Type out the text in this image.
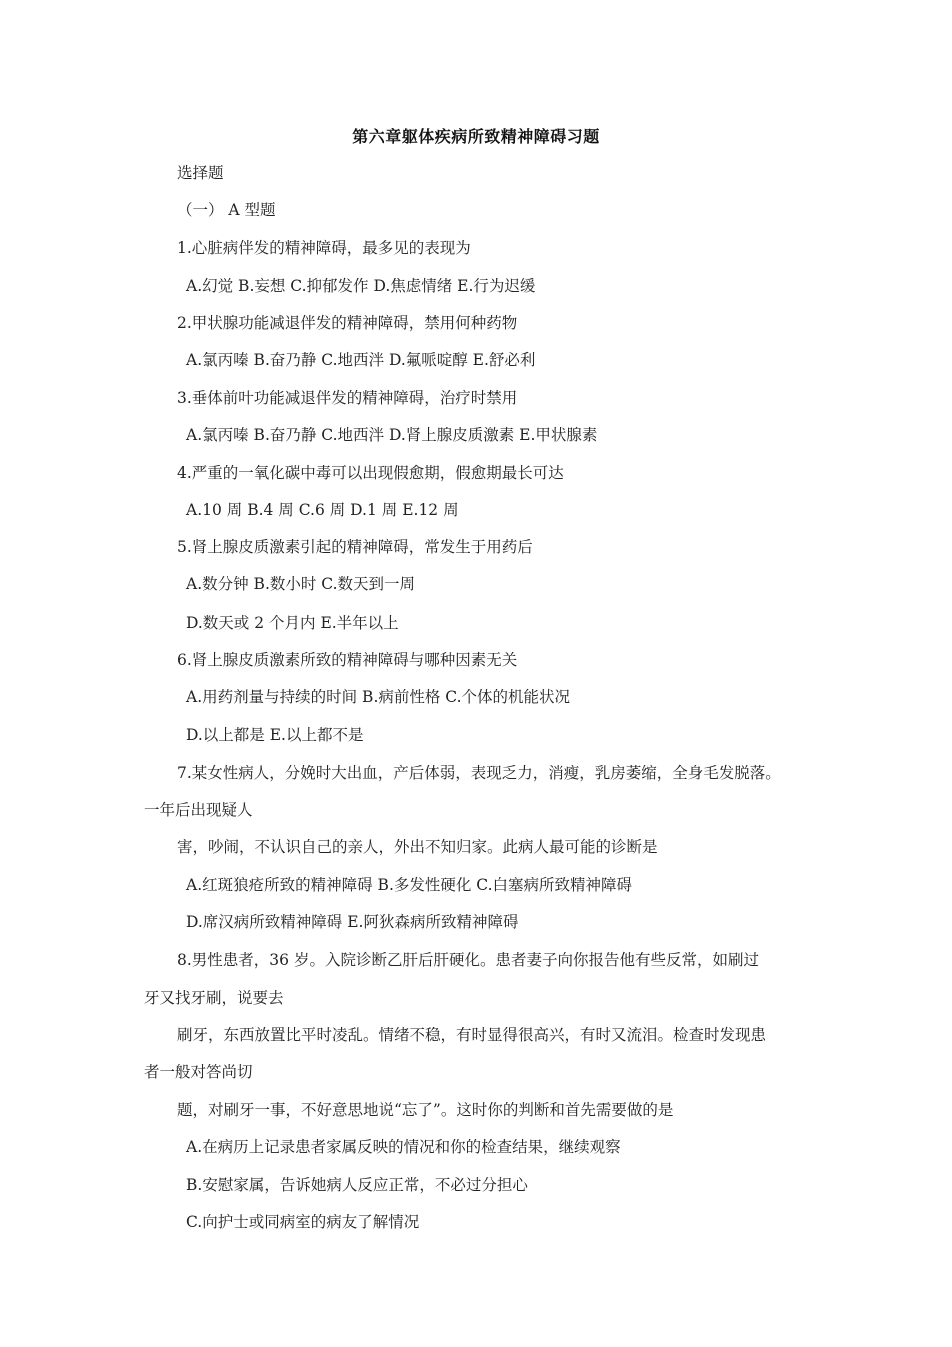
第六章躯体疾病所致精神障碍习题
选择题
（一） A 型题
1.心脏病伴发的精神障碍，最多见的表现为
A.幻觉 B.妄想 C.抑郁发作 D.焦虑情绪 E.行为迟缓
2.甲状腺功能减退伴发的精神障碍，禁用何种药物
A.氯丙嗪 B.奋乃静 C.地西泮 D.氟哌啶醇 E.舒必利
3.垂体前叶功能减退伴发的精神障碍，治疗时禁用
A.氯丙嗪 B.奋乃静 C.地西泮 D.肾上腺皮质激素 E.甲状腺素
4.严重的一氧化碳中毒可以出现假愈期，假愈期最长可达
A.10 周 B.4 周 C.6 周 D.1 周 E.12 周
5.肾上腺皮质激素引起的精神障碍，常发生于用药后
A.数分钟 B.数小时 C.数天到一周
D.数天或 2 个月内 E.半年以上
6.肾上腺皮质激素所致的精神障碍与哪种因素无关
A.用药剂量与持续的时间 B.病前性格 C.个体的机能状况
D.以上都是 E.以上都不是
7.某女性病人，分娩时大出血，产后体弱，表现乏力，消瘦，乳房萎缩，全身毛发脱落。
一年后出现疑人
害，吵闹，不认识自己的亲人，外出不知归家。此病人最可能的诊断是
A.红斑狼疮所致的精神障碍 B.多发性硬化 C.白塞病所致精神障碍
D.席汉病所致精神障碍 E.阿狄森病所致精神障碍
8.男性患者，36 岁。入院诊断乙肝后肝硬化。患者妻子向你报告他有些反常，如刷过
牙又找牙刷，说要去
刷牙，东西放置比平时凌乱。情绪不稳，有时显得很高兴，有时又流泪。检查时发现患
者一般对答尚切
题，对刷牙一事，不好意思地说“忘了”。这时你的判断和首先需要做的是
A.在病历上记录患者家属反映的情况和你的检查结果，继续观察
B.安慰家属，告诉她病人反应正常，不必过分担心
C.向护士或同病室的病友了解情况
